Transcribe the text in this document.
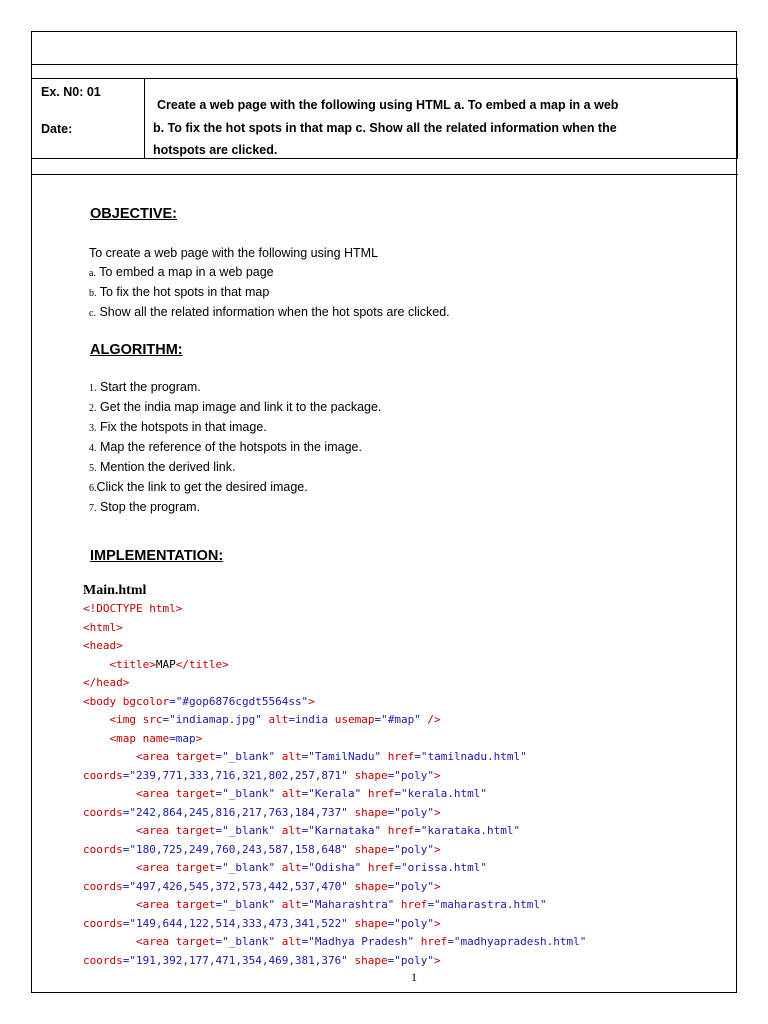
Ex. N0: 01
Date:
Create a web page with the following using HTML a. To embed a map in a web
b. To fix the hot spots in that map c. Show all the related information when the
hotspots are clicked.
OBJECTIVE:
To create a web page with the following using HTML
a. To embed a map in a web page
b. To fix the hot spots in that map
c. Show all the related information when the hot spots are clicked.
ALGORITHM:
1. Start the program.
2. Get the india map image and link it to the package.
3. Fix the hotspots in that image.
4. Map the reference of the hotspots in the image.
5. Mention the derived link.
6.Click the link to get the desired image.
7. Stop the program.
IMPLEMENTATION:
Main.html
<!DOCTYPE html>
<html>
<head>
<title>MAP</title>
</head>
<body bgcolor="#gop6876cgdt5564ss">
<img src="indiamap.jpg" alt=india usemap="#map" />
<map name=map>
<area target="_blank" alt="TamilNadu" href="tamilnadu.html"
coords="239,771,333,716,321,802,257,871" shape="poly">
<area target="_blank" alt="Kerala" href="kerala.html"
coords="242,864,245,816,217,763,184,737" shape="poly">
<area target="_blank" alt="Karnataka" href="karataka.html"
coords="180,725,249,760,243,587,158,648" shape="poly">
<area target="_blank" alt="Odisha" href="orissa.html"
coords="497,426,545,372,573,442,537,470" shape="poly">
<area target="_blank" alt="Maharashtra" href="maharastra.html"
coords="149,644,122,514,333,473,341,522" shape="poly">
<area target="_blank" alt="Madhya Pradesh" href="madhyapradesh.html"
coords="191,392,177,471,354,469,381,376" shape="poly">
1
